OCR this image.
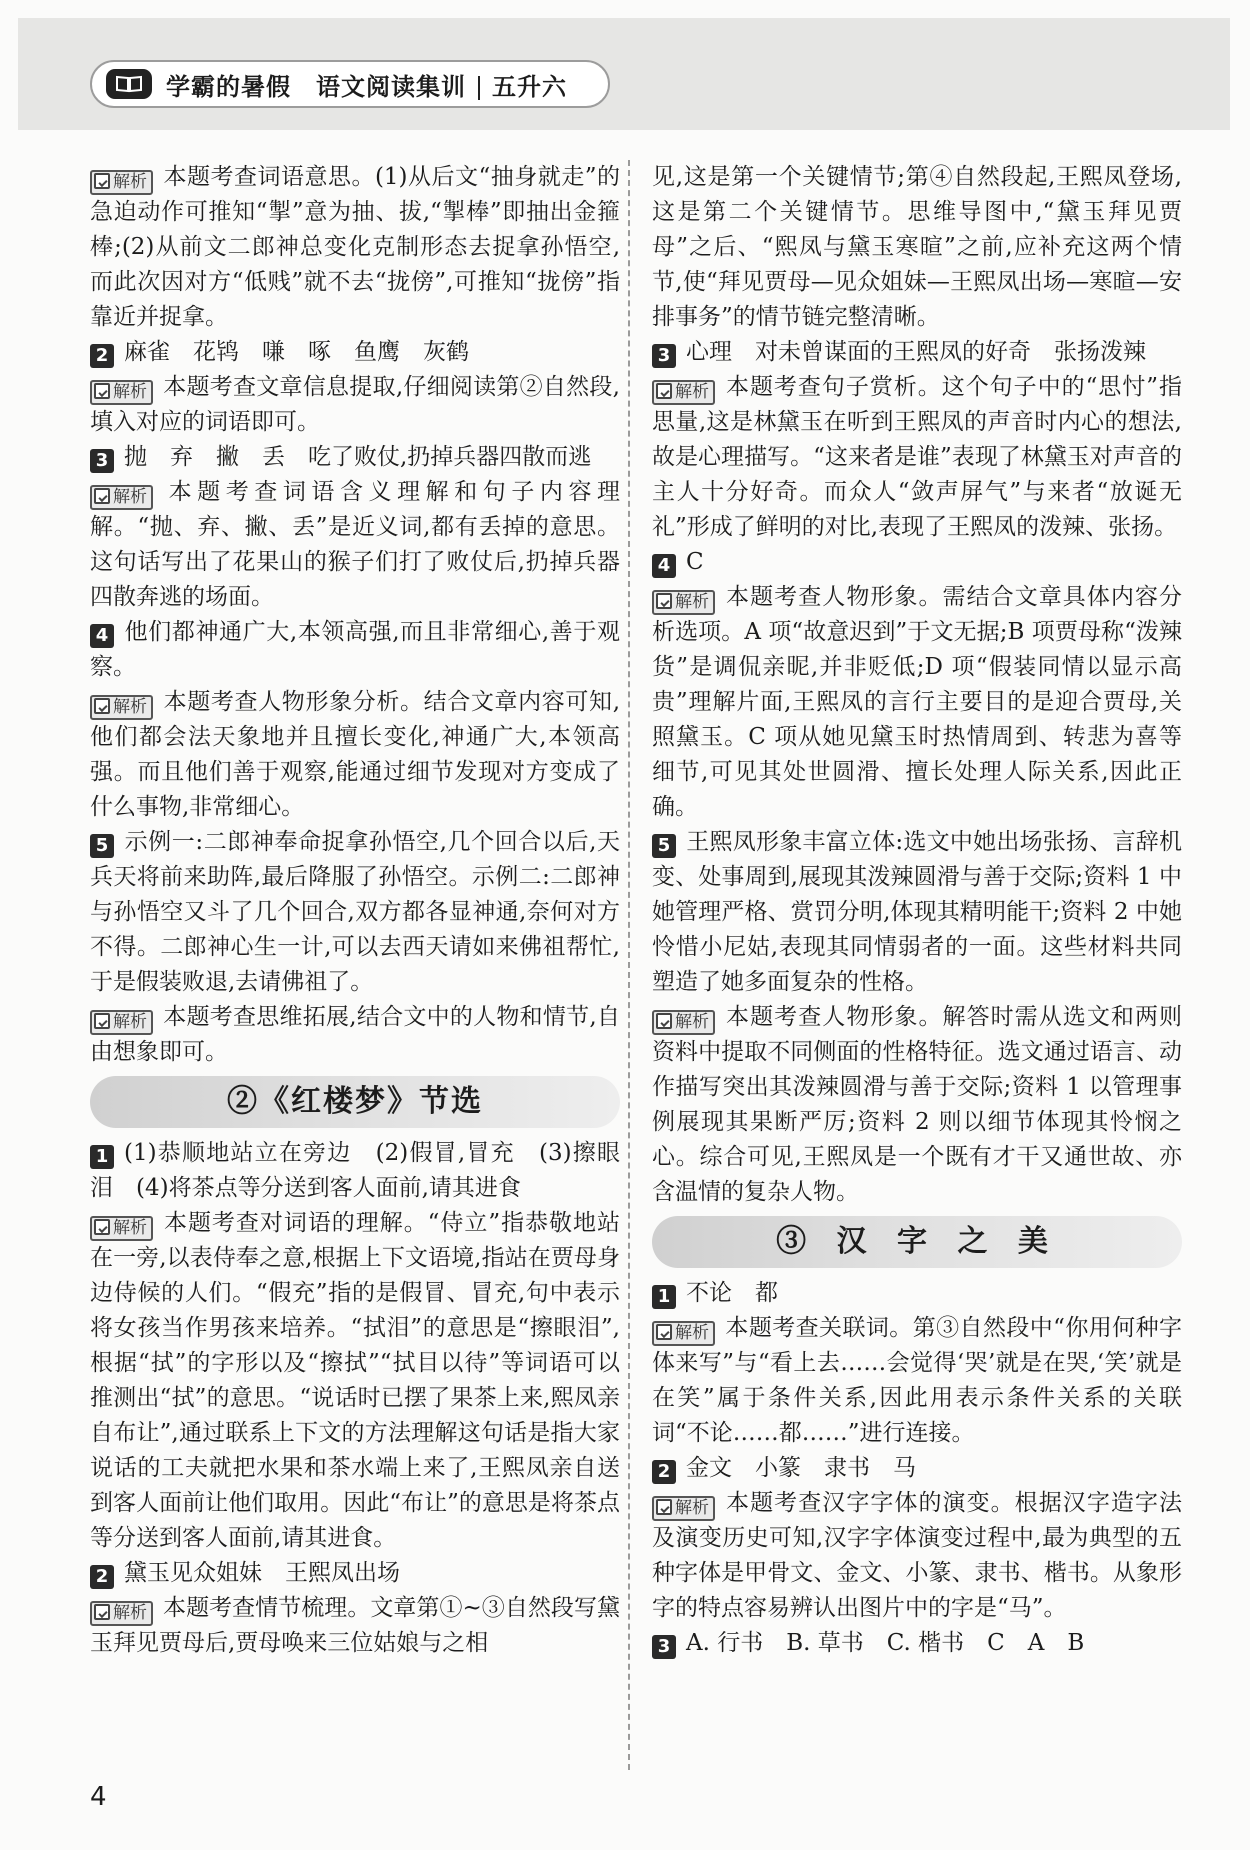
学霸的暑假　 语文阅读集训 五升六

解析 本题考查词语意思。(1)从后文“抽身就走”的急迫动作可推知“掣”意为抽、拔,“掣棒”即抽出金箍棒;(2)从前文二郎神总变化克制形态去捉拿孙悟空,而此次因对方“低贱”就不去“拢傍”,可推知“拢傍”指靠近并捉拿。

2 麻雀　花鸨　嗛　啄　鱼鹰　灰鹤

解析 本题考查文章信息提取,仔细阅读第②自然段,填入对应的词语即可。

3 抛　弃　撇　丢　吃了败仗,扔掉兵器四散而逃

解析 本题考查词语含义理解和句子内容理解。“抛、弃、撇、丢”是近义词,都有丢掉的意思。这句话写出了花果山的猴子们打了败仗后,扔掉兵器四散奔逃的场面。

4 他们都神通广大,本领高强,而且非常细心,善于观察。

解析 本题考查人物形象分析。结合文章内容可知,他们都会法天象地并且擅长变化,神通广大,本领高强。而且他们善于观察,能通过细节发现对方变成了什么事物,非常细心。

5 示例一:二郎神奉命捉拿孙悟空,几个回合以后,天兵天将前来助阵,最后降服了孙悟空。示例二:二郎神与孙悟空又斗了几个回合,双方都各显神通,奈何对方不得。二郎神心生一计,可以去西天请如来佛祖帮忙,于是假装败退,去请佛祖了。

解析 本题考查思维拓展,结合文中的人物和情节,自由想象即可。

②《红楼梦》节选

1 (1)恭顺地站立在旁边　(2)假冒,冒充　(3)擦眼泪　(4)将茶点等分送到客人面前,请其进食

解析 本题考查对词语的理解。“侍立”指恭敬地站在一旁,以表侍奉之意,根据上下文语境,指站在贾母身边侍候的人们。“假充”指的是假冒、冒充,句中表示将女孩当作男孩来培养。“拭泪”的意思是“擦眼泪”,根据“拭”的字形以及“擦拭”“拭目以待”等词语可以推测出“拭”的意思。“说话时已摆了果茶上来,熙凤亲自布让”,通过联系上下文的方法理解这句话是指大家说话的工夫就把水果和茶水端上来了,王熙凤亲自送到客人面前让他们取用。因此“布让”的意思是将茶点等分送到客人面前,请其进食。

2 黛玉见众姐妹　王熙凤出场

解析 本题考查情节梳理。文章第①~③自然段写黛玉拜见贾母后,贾母唤来三位姑娘与之相

见,这是第一个关键情节;第④自然段起,王熙凤登场,这是第二个关键情节。思维导图中,“黛玉拜见贾母”之后、“熙凤与黛玉寒暄”之前,应补充这两个情节,使“拜见贾母—见众姐妹—王熙凤出场—寒暄—安排事务”的情节链完整清晰。

3 心理　对未曾谋面的王熙凤的好奇　张扬泼辣

解析 本题考查句子赏析。这个句子中的“思忖”指思量,这是林黛玉在听到王熙凤的声音时内心的想法,故是心理描写。“这来者是谁”表现了林黛玉对声音的主人十分好奇。而众人“敛声屏气”与来者“放诞无礼”形成了鲜明的对比,表现了王熙凤的泼辣、张扬。

4 C

解析 本题考查人物形象。需结合文章具体内容分析选项。A 项“故意迟到”于文无据;B 项贾母称“泼辣货”是调侃亲昵,并非贬低;D 项“假装同情以显示高贵”理解片面,王熙凤的言行主要目的是迎合贾母,关照黛玉。C 项从她见黛玉时热情周到、转悲为喜等细节,可见其处世圆滑、擅长处理人际关系,因此正确。

5 王熙凤形象丰富立体:选文中她出场张扬、言辞机变、处事周到,展现其泼辣圆滑与善于交际;资料 1 中她管理严格、赏罚分明,体现其精明能干;资料 2 中她怜惜小尼姑,表现其同情弱者的一面。这些材料共同塑造了她多面复杂的性格。

解析 本题考查人物形象。解答时需从选文和两则资料中提取不同侧面的性格特征。选文通过语言、动作描写突出其泼辣圆滑与善于交际;资料 1 以管理事例展现其果断严厉;资料 2 则以细节体现其怜悯之心。综合可见,王熙凤是一个既有才干又通世故、亦含温情的复杂人物。

③ 汉 字 之 美

1 不论　都

解析 本题考查关联词。第③自然段中“你用何种字体来写”与“看上去……会觉得‘哭’就是在哭,‘笑’就是在笑”属于条件关系,因此用表示条件关系的关联词“不论……都……”进行连接。

2 金文　小篆　隶书　马

解析 本题考查汉字字体的演变。根据汉字造字法及演变历史可知,汉字字体演变过程中,最为典型的五种字体是甲骨文、金文、小篆、隶书、楷书。从象形字的特点容易辨认出图片中的字是“马”。

3 A. 行书　B. 草书　C. 楷书　C　A　B

4
